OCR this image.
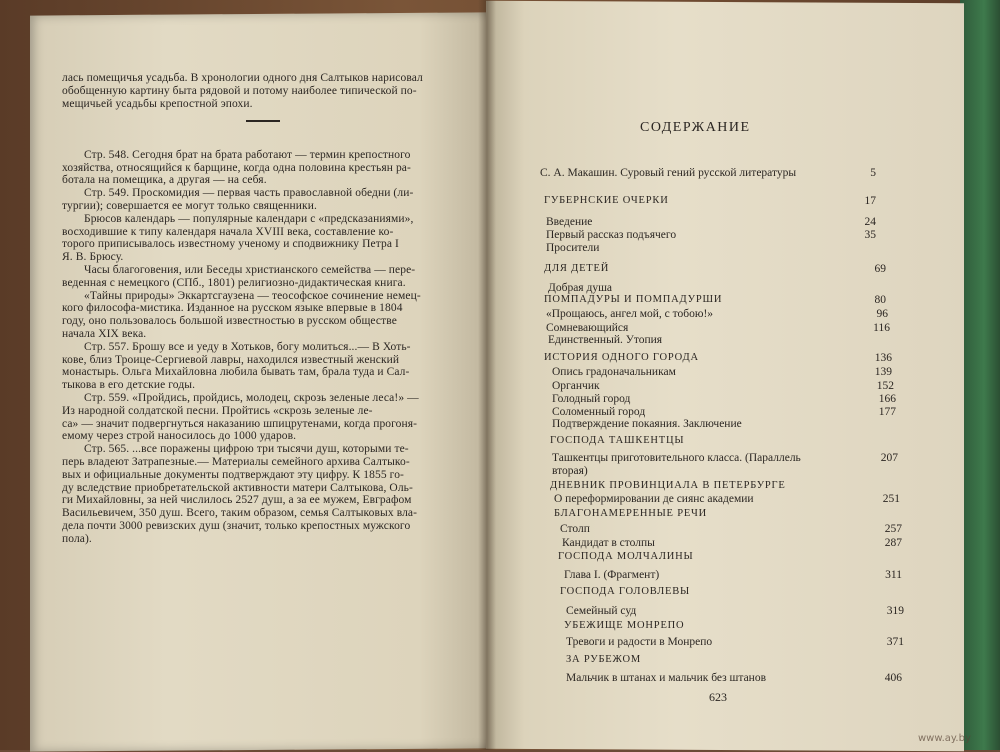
лась помещичья усадьба. В хронологии одного дня Салтыков нарисовал
обобщенную картину быта рядовой и потому наиболее типической по-
мещичьей усадьбы крепостной эпохи.
Стр. 548. Сегодня брат на брата работают — термин крепостного
хозяйства, относящийся к барщине, когда одна половина крестьян ра-
ботала на помещика, а другая — на себя.
Стр. 549. Проскомидия — первая часть православной обедни (ли-
тургии); совершается ее могут только священники.
Брюсов календарь — популярные календари с «предсказаниями»,
восходившие к типу календаря начала XVIII века, составление ко-
торого приписывалось известному ученому и сподвижнику Петра I
Я. В. Брюсу.
Часы благоговения, или Беседы христианского семейства — пере-
веденная с немецкого (СПб., 1801) религиозно-дидактическая книга.
«Тайны природы» Эккартсгаузена — теософское сочинение немец-
кого философа-мистика. Изданное на русском языке впервые в 1804
году, оно пользовалось большой известностью в русском обществе
начала XIX века.
Стр. 557. Брошу все и уеду в Хотьков, богу молиться...— В Хоть-
кове, близ Троице-Сергиевой лавры, находился известный женский
монастырь. Ольга Михайловна любила бывать там, брала туда и Сал-
тыкова в его детские годы.
Стр. 559. «Пройдись, пройдись, молодец, скрозь зеленые леса!» —
Из народной солдатской песни. Пройтись «скрозь зеленые ле-
са» — значит подвергнуться наказанию шпицрутенами, когда прогоня-
емому через строй наносилось до 1000 ударов.
Стр. 565. ...все поражены цифрою три тысячи душ, которыми те-
перь владеют Затрапезные.— Материалы семейного архива Салтыко-
вых и официальные документы подтверждают эту цифру. К 1855 го-
ду вследствие приобретательской активности матери Салтыкова, Оль-
ги Михайловны, за ней числилось 2527 душ, а за ее мужем, Евграфом
Васильевичем, 350 душ. Всего, таким образом, семья Салтыковых вла-
дела почти 3000 ревизских душ (значит, только крепостных мужского
пола).
СОДЕРЖАНИЕ
С. А. Макашин. Суровый гений русской литературы	5
ГУБЕРНСКИЕ ОЧЕРКИ	17
Введение	24
Первый рассказ подъячего	35
Просители
ДЛЯ ДЕТЕЙ	69
Добрая душа
ПОМПАДУРЫ И ПОМПАДУРШИ	80
«Прощаюсь, ангел мой, с тобою!»	96
Сомневающийся	116
Единственный. Утопия
ИСТОРИЯ ОДНОГО ГОРОДА	136
Опись градоначальникам	139
Органчик	152
Голодный город	166
Соломенный город	177
Подтверждение покаяния. Заключение
ГОСПОДА ТАШКЕНТЦЫ
Ташкентцы приготовительного класса. (Параллель	207
вторая)
ДНЕВНИК ПРОВИНЦИАЛА В ПЕТЕРБУРГЕ
О переформировании де сиянс академии	251
БЛАГОНАМЕРЕННЫЕ РЕЧИ
Столп	257
Кандидат в столпы	287
ГОСПОДА МОЛЧАЛИНЫ
Глава I. (Фрагмент)	311
ГОСПОДА ГОЛОВЛЕВЫ
Семейный суд	319
УБЕЖИЩЕ МОНРЕПО
Тревоги и радости в Монрепо	371
ЗА РУБЕЖОМ
Мальчик в штанах и мальчик без штанов	406
623
www.ay.by
